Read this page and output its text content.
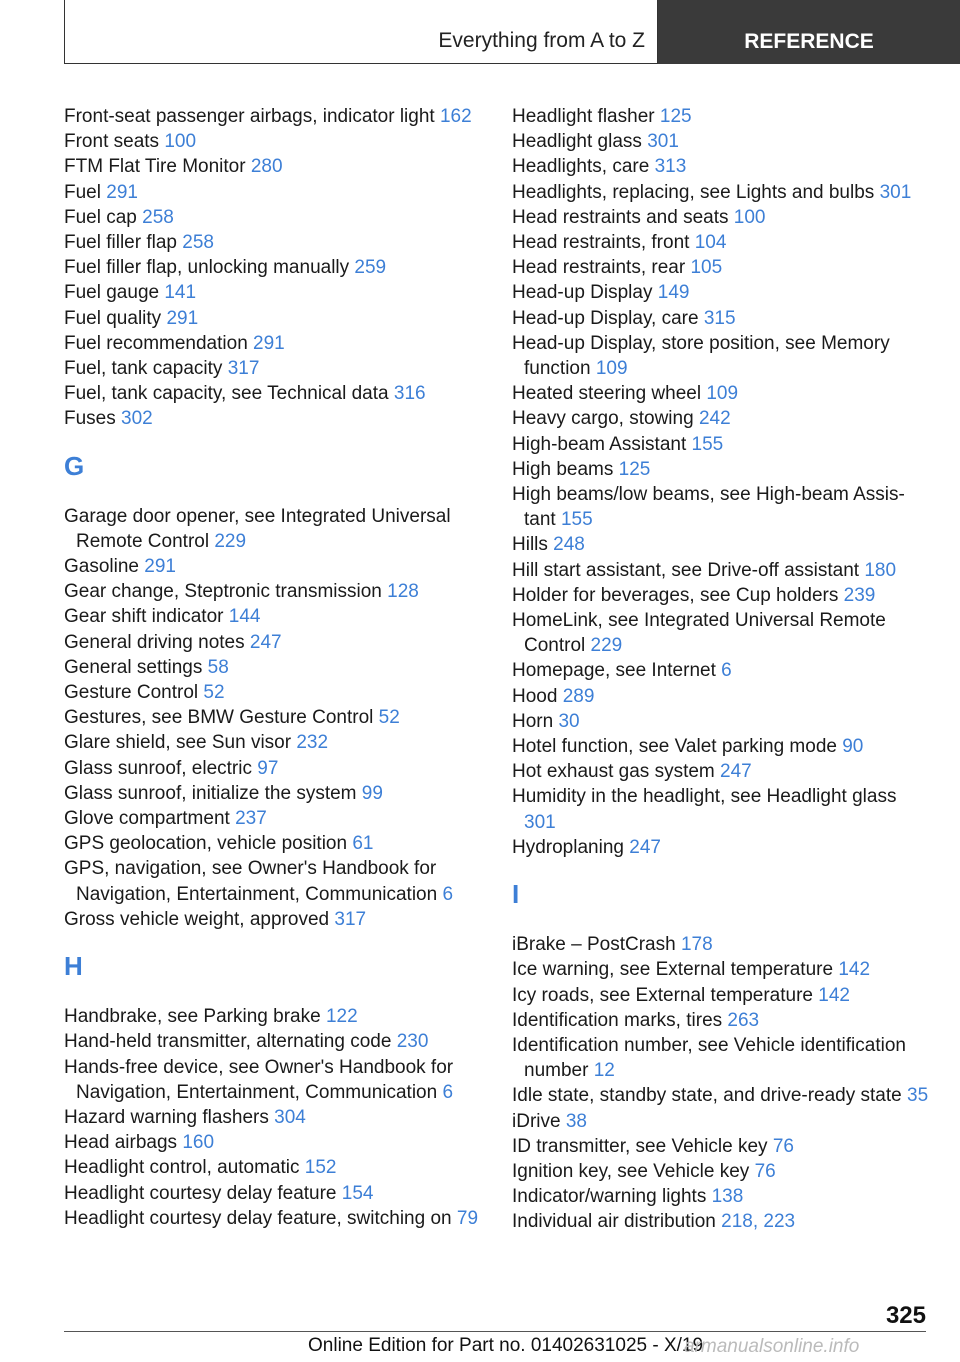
Everything from A to Z	REFERENCE

Front-seat passenger airbags, indicator light 162

Front seats 100

FTM Flat Tire Monitor 280

Fuel 291

Fuel cap 258

Fuel filler flap 258

Fuel filler flap, unlocking manually 259

Fuel gauge 141

Fuel quality 291

Fuel recommendation 291

Fuel, tank capacity 317

Fuel, tank capacity, see Technical data 316

Fuses 302

G

Garage door opener, see Integrated Universal Remote Control 229

Gasoline 291

Gear change, Steptronic transmission 128

Gear shift indicator 144

General driving notes 247

General settings 58

Gesture Control 52

Gestures, see BMW Gesture Control 52

Glare shield, see Sun visor 232

Glass sunroof, electric 97

Glass sunroof, initialize the system 99

Glove compartment 237

GPS geolocation, vehicle position 61

GPS, navigation, see Owner's Handbook for Navigation, Entertainment, Communication 6

Gross vehicle weight, approved 317

H

Handbrake, see Parking brake 122

Hand-held transmitter, alternating code 230

Hands-free device, see Owner's Handbook for Navigation, Entertainment, Communication 6

Hazard warning flashers 304

Head airbags 160

Headlight control, automatic 152

Headlight courtesy delay feature 154

Headlight courtesy delay feature, switching on 79

Headlight flasher 125

Headlight glass 301

Headlights, care 313

Headlights, replacing, see Lights and bulbs 301

Head restraints and seats 100

Head restraints, front 104

Head restraints, rear 105

Head-up Display 149

Head-up Display, care 315

Head-up Display, store position, see Memory function 109

Heated steering wheel 109

Heavy cargo, stowing 242

High-beam Assistant 155

High beams 125

High beams/low beams, see High-beam Assis-tant 155

Hills 248

Hill start assistant, see Drive-off assistant 180

Holder for beverages, see Cup holders 239

HomeLink, see Integrated Universal Remote Control 229

Homepage, see Internet 6

Hood 289

Horn 30

Hotel function, see Valet parking mode 90

Hot exhaust gas system 247

Humidity in the headlight, see Headlight glass 301

Hydroplaning 247

I

iBrake – PostCrash 178

Ice warning, see External temperature 142

Icy roads, see External temperature 142

Identification marks, tires 263

Identification number, see Vehicle identification number 12

Idle state, standby state, and drive-ready state 35

iDrive 38

ID transmitter, see Vehicle key 76

Ignition key, see Vehicle key 76

Indicator/warning lights 138

Individual air distribution 218, 223

325
Online Edition for Part no. 01402631025 - X/19
armanualsonline.info
